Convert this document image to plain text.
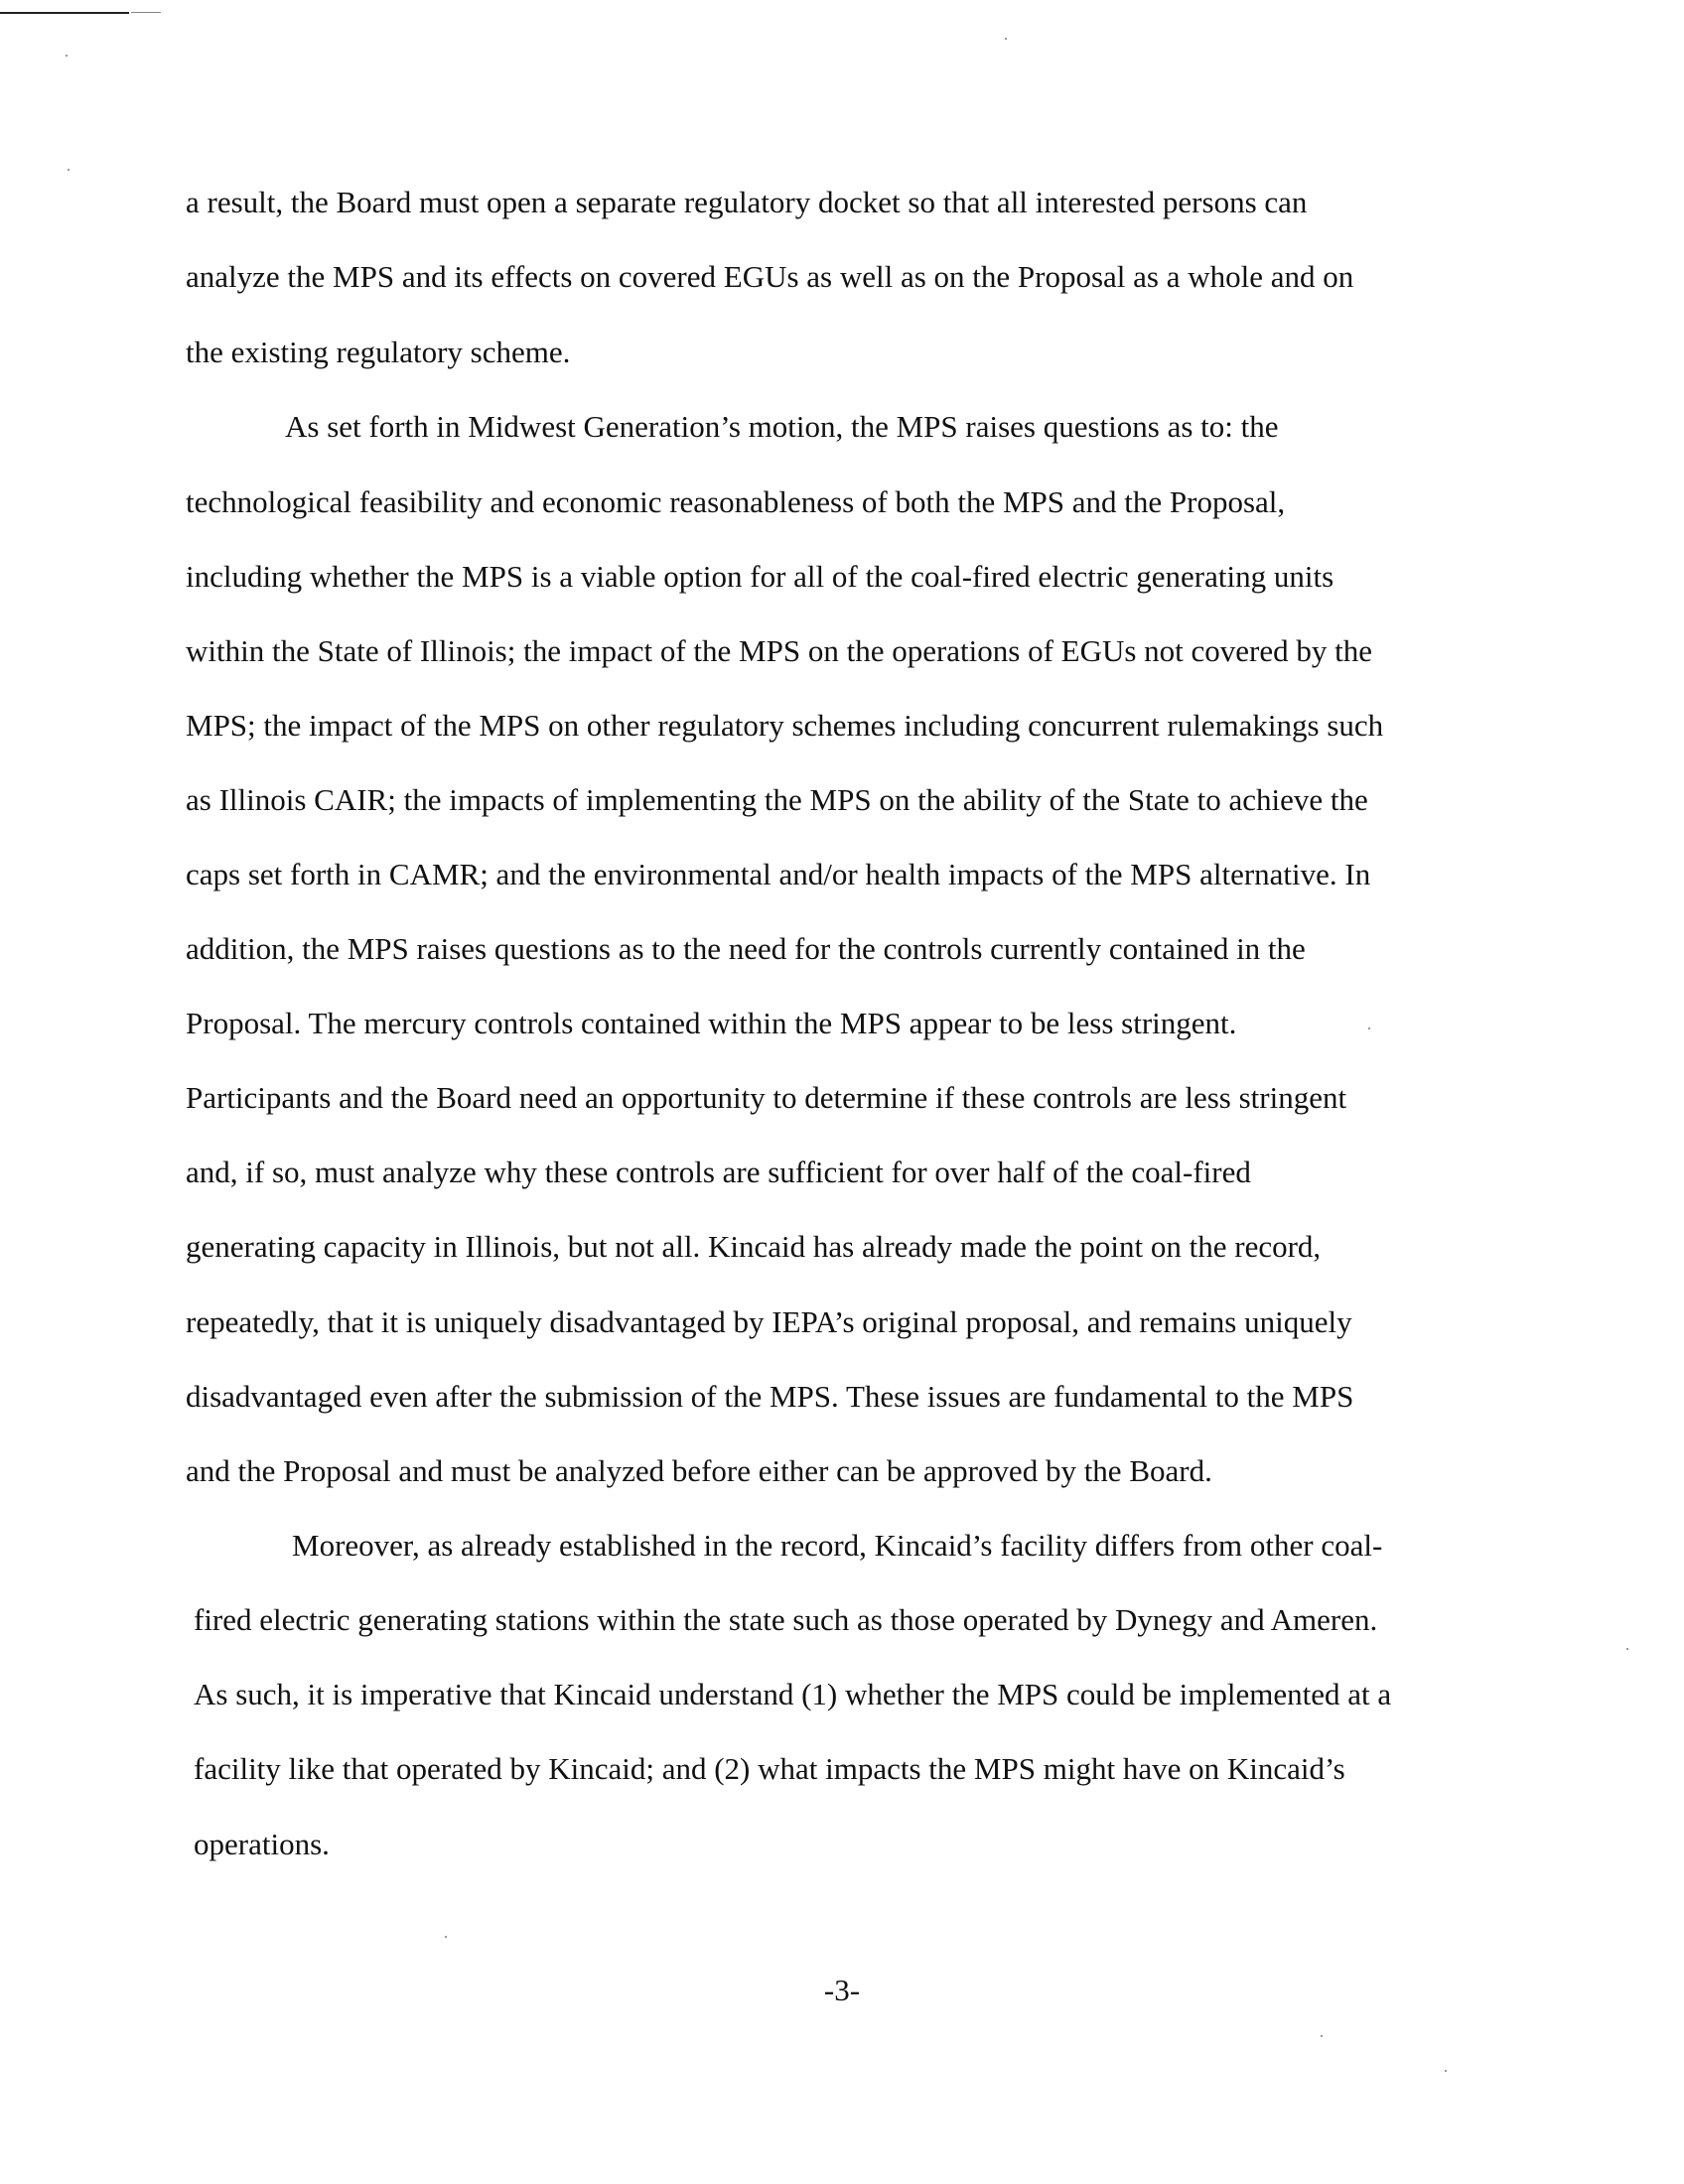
a result, the Board must open a separate regulatory docket so that all interested persons can
analyze the MPS and its effects on covered EGUs as well as on the Proposal as a whole and on
the existing regulatory scheme.
As set forth in Midwest Generation’s motion, the MPS raises questions as to: the
technological feasibility and economic reasonableness of both the MPS and the Proposal,
including whether the MPS is a viable option for all of the coal-fired electric generating units
within the State of Illinois; the impact of the MPS on the operations of EGUs not covered by the
MPS; the impact of the MPS on other regulatory schemes including concurrent rulemakings such
as Illinois CAIR; the impacts of implementing the MPS on the ability of the State to achieve the
caps set forth in CAMR; and the environmental and/or health impacts of the MPS alternative. In
addition, the MPS raises questions as to the need for the controls currently contained in the
Proposal. The mercury controls contained within the MPS appear to be less stringent.
Participants and the Board need an opportunity to determine if these controls are less stringent
and, if so, must analyze why these controls are sufficient for over half of the coal-fired
generating capacity in Illinois, but not all. Kincaid has already made the point on the record,
repeatedly, that it is uniquely disadvantaged by IEPA’s original proposal, and remains uniquely
disadvantaged even after the submission of the MPS. These issues are fundamental to the MPS
and the Proposal and must be analyzed before either can be approved by the Board.
Moreover, as already established in the record, Kincaid’s facility differs from other coal-
fired electric generating stations within the state such as those operated by Dynegy and Ameren.
As such, it is imperative that Kincaid understand (1) whether the MPS could be implemented at a
facility like that operated by Kincaid; and (2) what impacts the MPS might have on Kincaid’s
operations.
-3-
